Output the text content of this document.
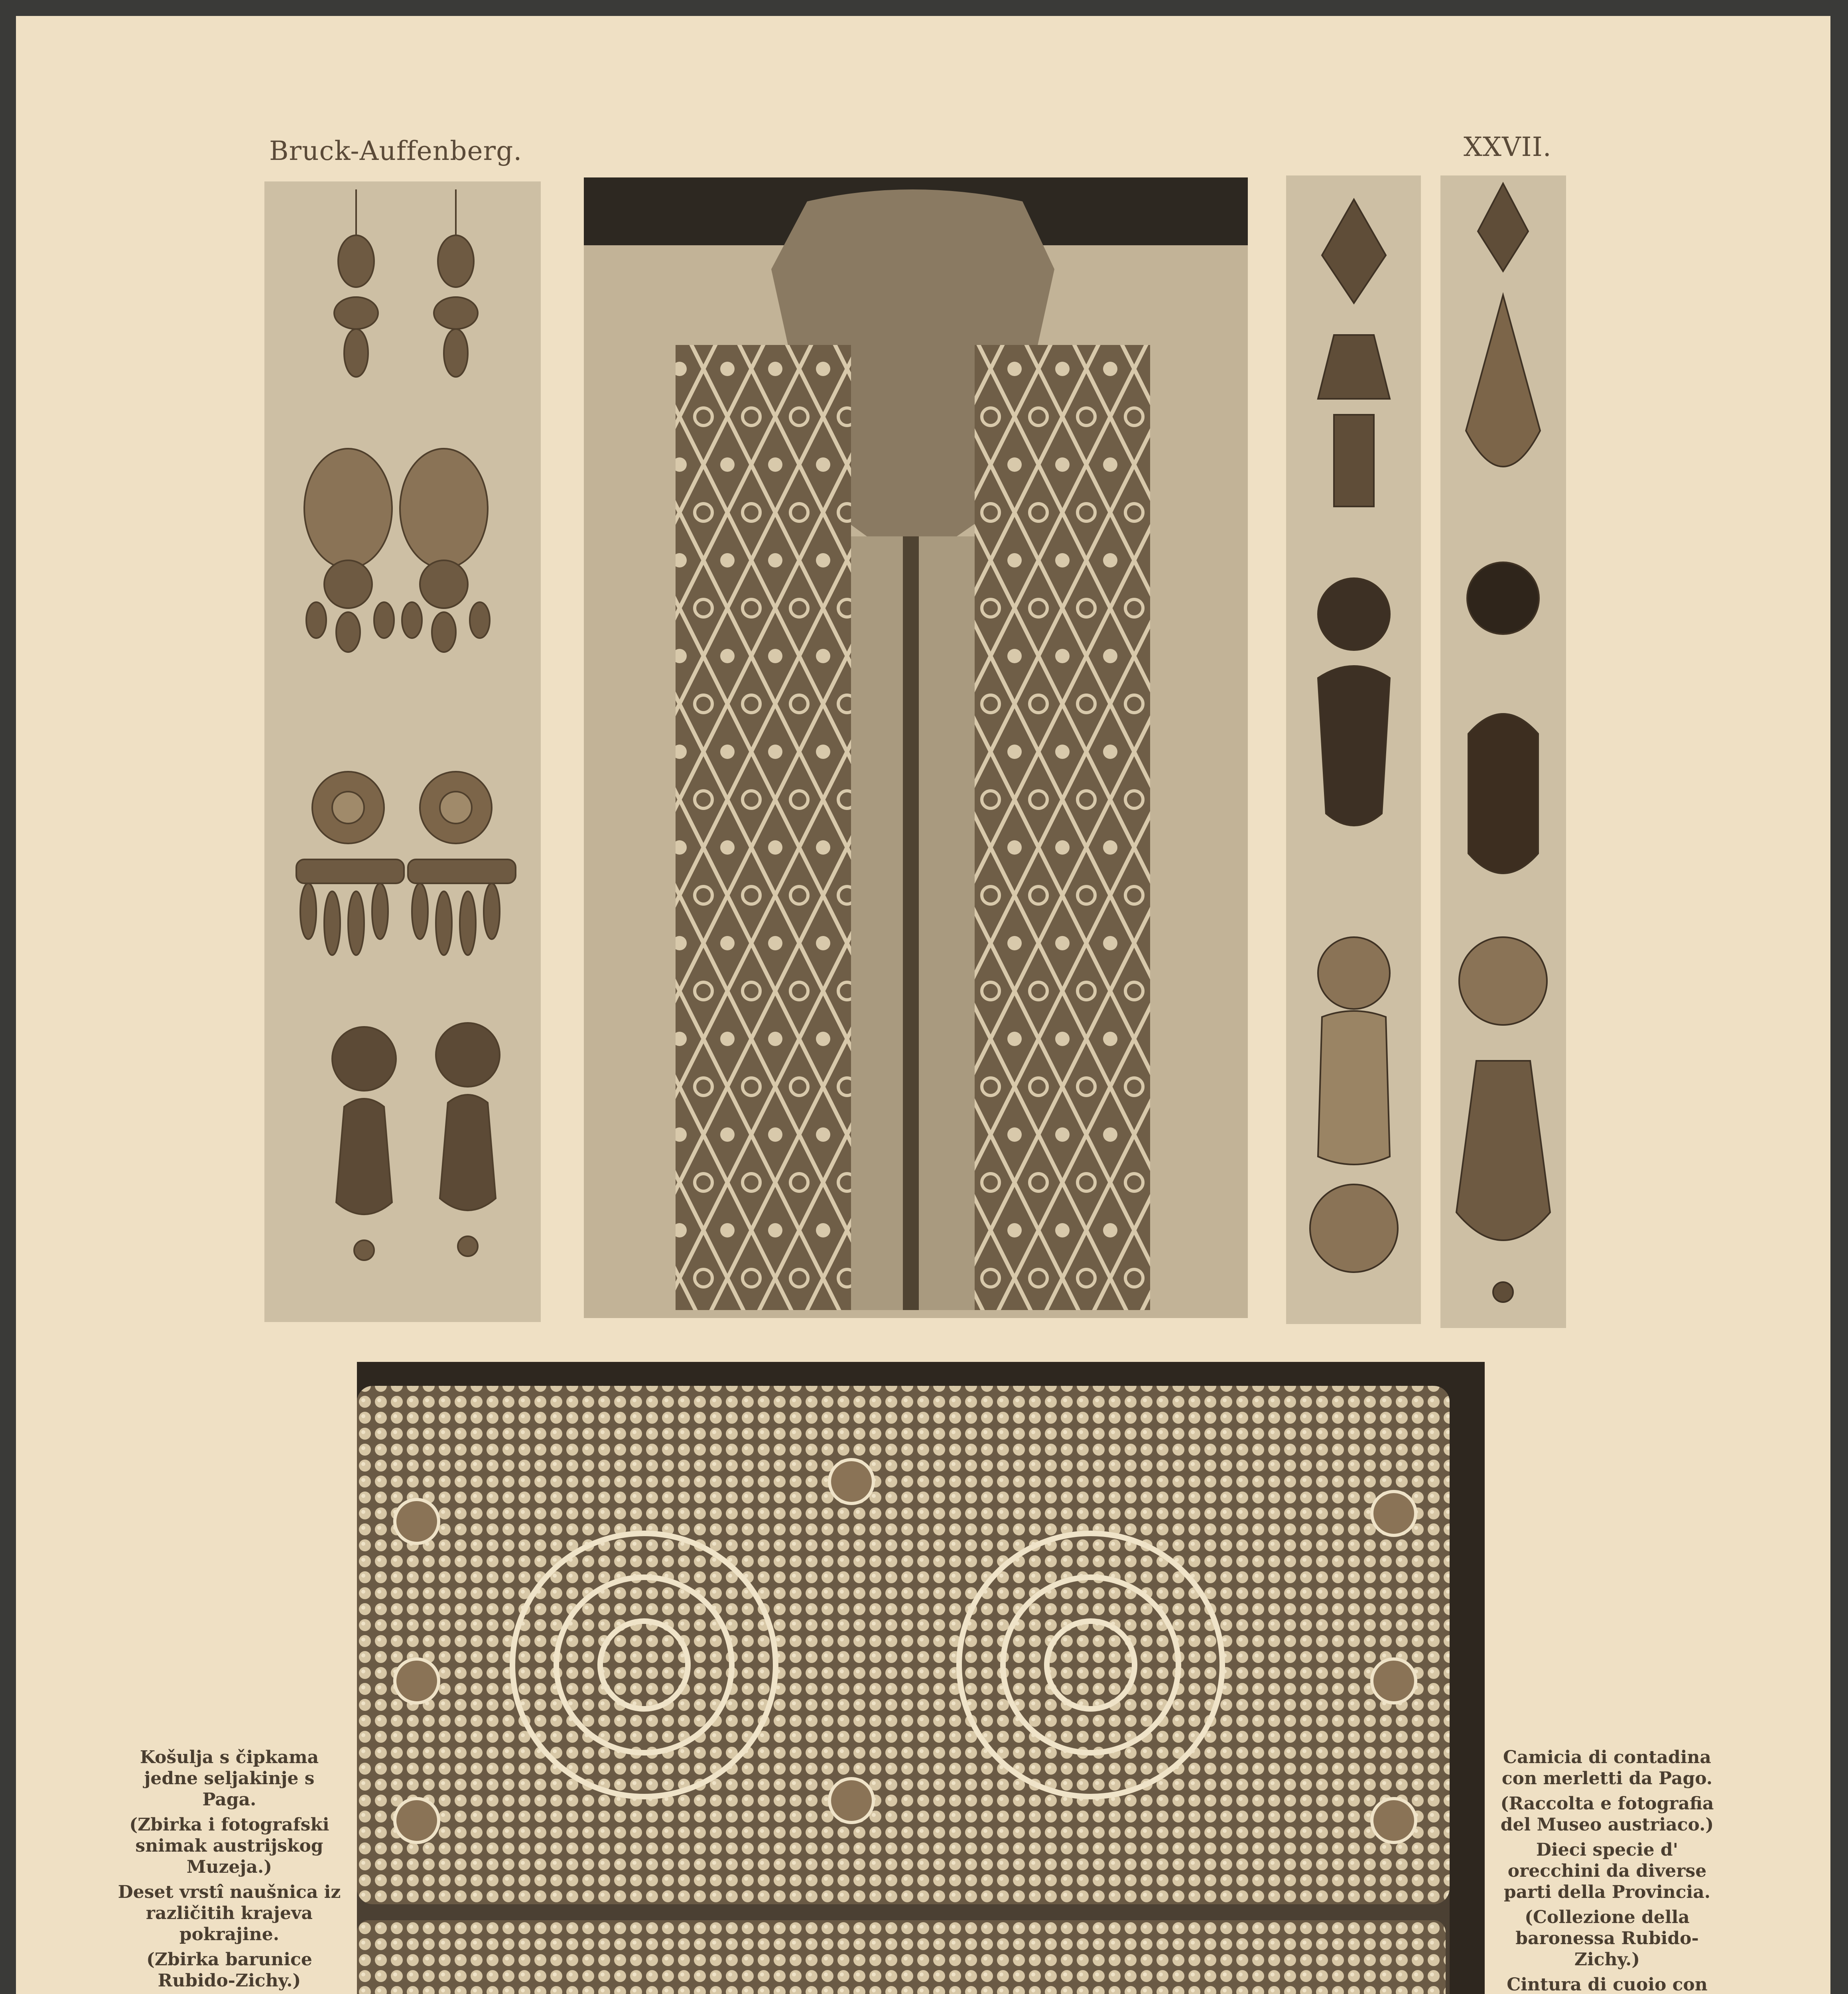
Bruck-Auffenberg.	XXVII.

Košulja s čipkama jedne seljakinje s Paga.

(Zbirka i fotografski snimak austrijskog Muzeja.)

Deset vrstî naušnica iz različitih krajeva pokrajine.

(Zbirka barunice Rubido-Zichy.)

Camicia di contadina con merletti da Pago.

(Raccolta e fotografia del Museo austriaco.)

Dieci specie d' orecchini da diverse parti della Provincia.

(Collezione della baronessa Rubido-Zichy.)

Cintura di cuoio con
